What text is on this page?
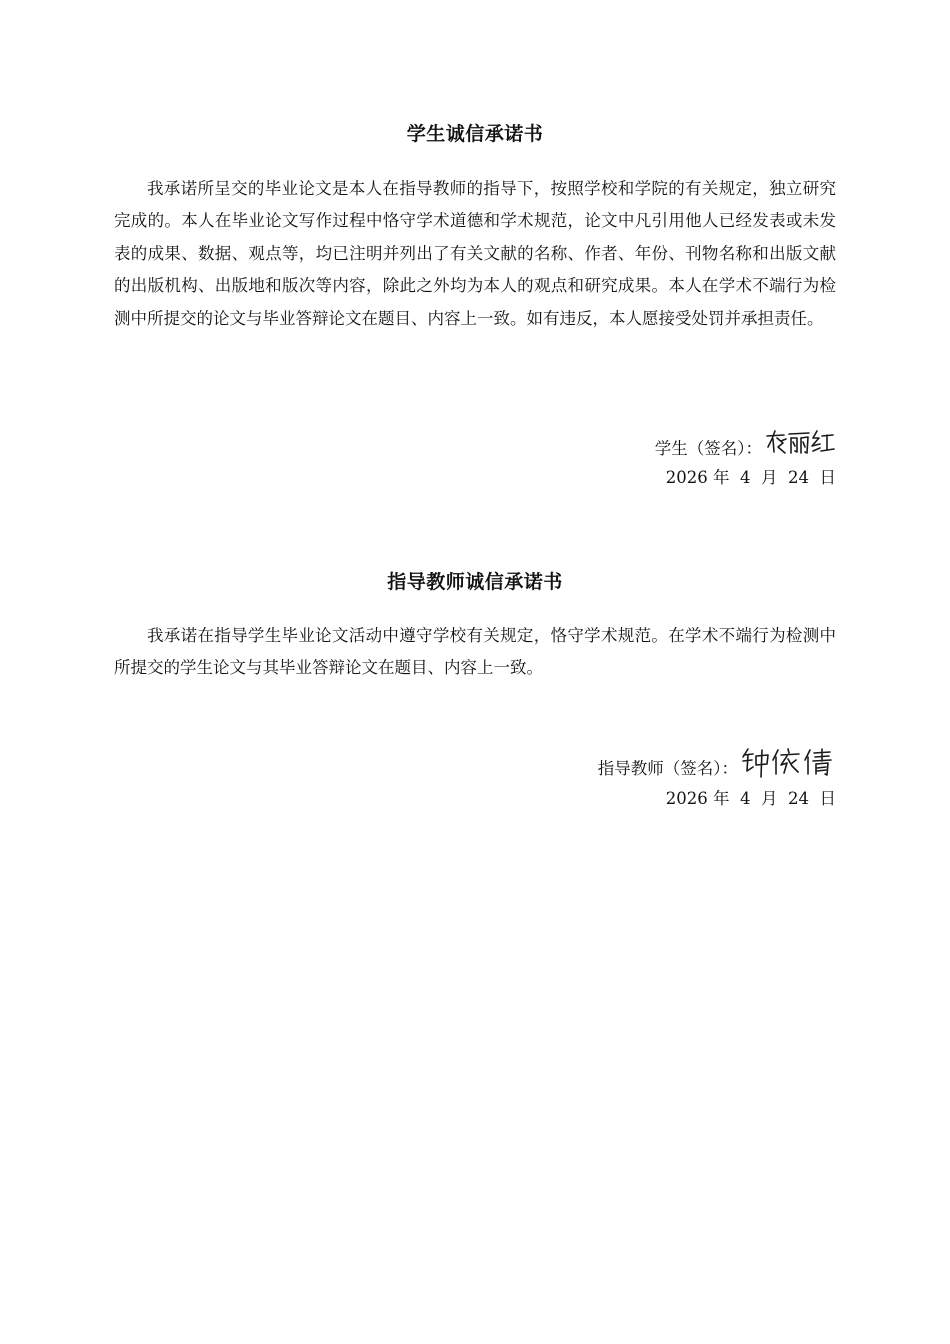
学生诚信承诺书

我承诺所呈交的毕业论文是本人在指导教师的指导下，按照学校和学院的有关规定，独立研究完成的。本人在毕业论文写作过程中恪守学术道德和学术规范，论文中凡引用他人已经发表或未发表的成果、数据、观点等，均已注明并列出了有关文献的名称、作者、年份、刊物名称和出版文献的出版机构、出版地和版次等内容，除此之外均为本人的观点和研究成果。本人在学术不端行为检测中所提交的论文与毕业答辩论文在题目、内容上一致。如有违反，本人愿接受处罚并承担责任。

学生（签名）：
2026 年  4  月  24  日
指导教师诚信承诺书

我承诺在指导学生毕业论文活动中遵守学校有关规定，恪守学术规范。在学术不端行为检测中所提交的学生论文与其毕业答辩论文在题目、内容上一致。

指导教师（签名）：
2026 年  4  月  24  日
